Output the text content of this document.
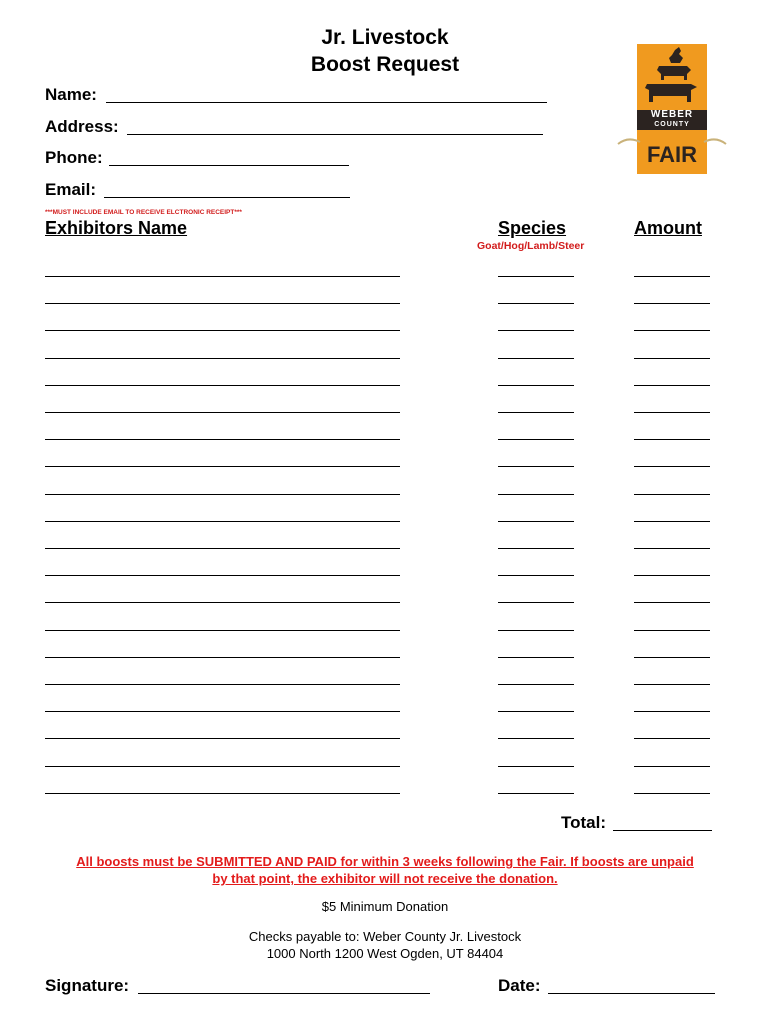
Jr. Livestock
Boost Request
WEBER
COUNTY
FAIR
Name:
Address:
Phone:
Email:
***MUST INCLUDE EMAIL TO RECEIVE ELCTRONIC RECEIPT***
Exhibitors Name	Species	Amount
Goat/Hog/Lamb/Steer
Total:
All boosts must be SUBMITTED AND PAID for within 3 weeks following the Fair. If boosts are unpaid
by that point, the exhibitor will not receive the donation.
$5 Minimum Donation
Checks payable to: Weber County Jr. Livestock
1000 North 1200 West Ogden, UT 84404
Signature:	Date:
